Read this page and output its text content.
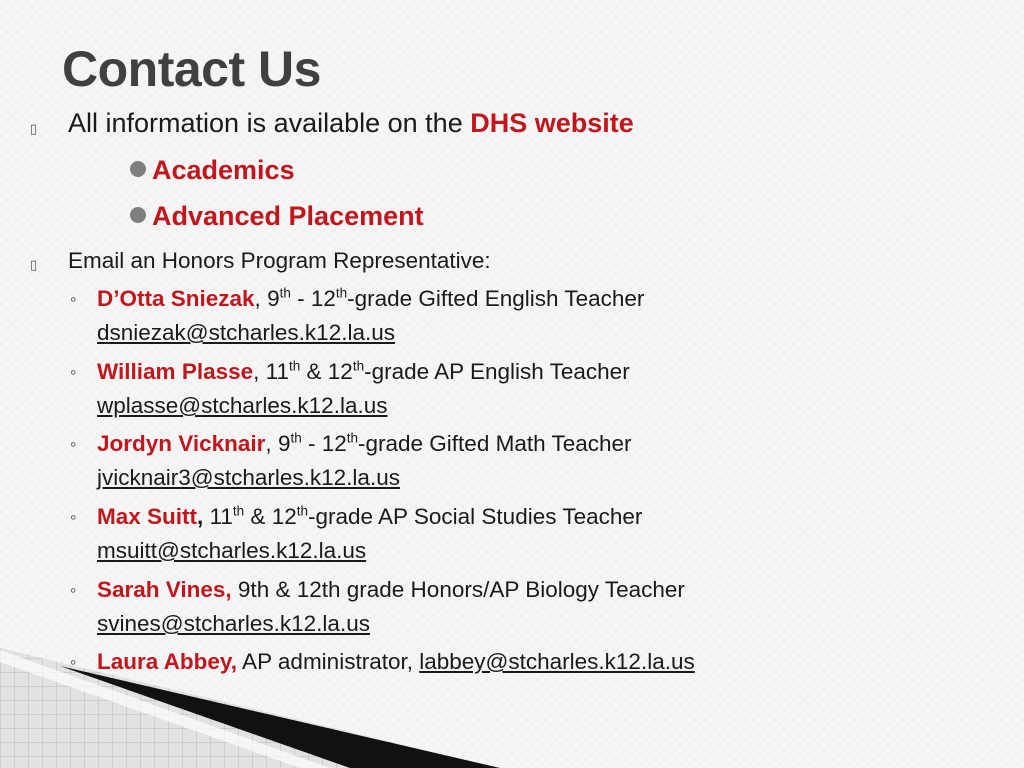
Contact Us
▯ All information is available on the DHS website
Academics
Advanced Placement
▯	Email an Honors Program Representative:
◦ D’Otta Sniezak, 9th - 12th-grade Gifted English Teacher
dsniezak@stcharles.k12.la.us
◦ William Plasse, 11th & 12th-grade AP English Teacher
wplasse@stcharles.k12.la.us
◦ Jordyn Vicknair, 9th - 12th-grade Gifted Math Teacher
jvicknair3@stcharles.k12.la.us
◦ Max Suitt, 11th & 12th-grade AP Social Studies Teacher
msuitt@stcharles.k12.la.us
◦ Sarah Vines, 9th & 12th grade Honors/AP Biology Teacher
svines@stcharles.k12.la.us
◦ Laura Abbey, AP administrator, labbey@stcharles.k12.la.us
